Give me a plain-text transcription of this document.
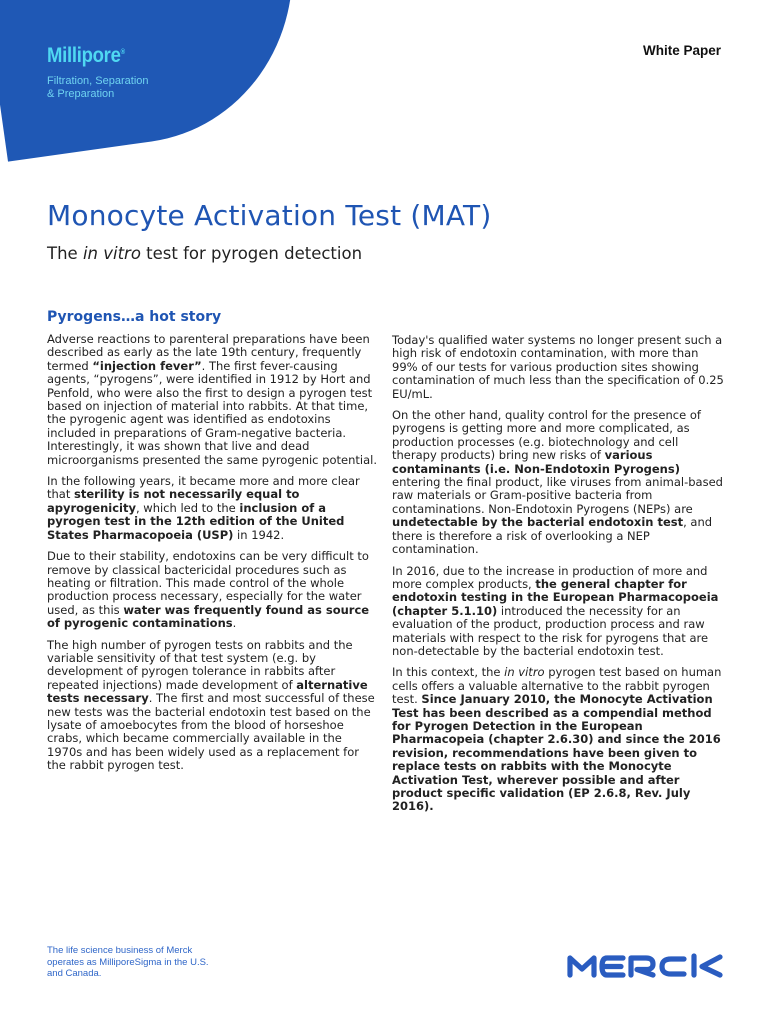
Millipore®
Filtration, Separation
& Preparation
White Paper
Monocyte Activation Test (MAT)
The in vitro test for pyrogen detection
Pyrogens…a hot story

Adverse reactions to parenteral preparations have been described as early as the late 19th century, frequently termed “injection fever”. The first fever-causing agents, “pyrogens”, were identified in 1912 by Hort and Penfold, who were also the first to design a pyrogen test based on injection of material into rabbits. At that time, the pyrogenic agent was identified as endotoxins included in preparations of Gram-negative bacteria. Interestingly, it was shown that live and dead microorganisms presented the same pyrogenic potential.

In the following years, it became more and more clear that sterility is not necessarily equal to apyrogenicity, which led to the inclusion of a pyrogen test in the 12th edition of the United States Pharmacopoeia (USP) in 1942.

Due to their stability, endotoxins can be very difficult to remove by classical bactericidal procedures such as heating or filtration. This made control of the whole production process necessary, especially for the water used, as this water was frequently found as source of pyrogenic contaminations.

The high number of pyrogen tests on rabbits and the variable sensitivity of that test system (e.g. by development of pyrogen tolerance in rabbits after repeated injections) made development of alternative tests necessary. The first and most successful of these new tests was the bacterial endotoxin test based on the lysate of amoebocytes from the blood of horseshoe crabs, which became commercially available in the 1970s and has been widely used as a replacement for the rabbit pyrogen test.

Today's qualified water systems no longer present such a high risk of endotoxin contamination, with more than 99% of our tests for various production sites showing contamination of much less than the specification of 0.25 EU/mL.

On the other hand, quality control for the presence of pyrogens is getting more and more complicated, as production processes (e.g. biotechnology and cell therapy products) bring new risks of various contaminants (i.e. Non-Endotoxin Pyrogens) entering the final product, like viruses from animal-based raw materials or Gram-positive bacteria from contaminations. Non-Endotoxin Pyrogens (NEPs) are undetectable by the bacterial endotoxin test, and there is therefore a risk of overlooking a NEP contamination.

In 2016, due to the increase in production of more and more complex products, the general chapter for endotoxin testing in the European Pharmacopoeia (chapter 5.1.10) introduced the necessity for an evaluation of the product, production process and raw materials with respect to the risk for pyrogens that are non-detectable by the bacterial endotoxin test.

In this context, the in vitro pyrogen test based on human cells offers a valuable alternative to the rabbit pyrogen test. Since January 2010, the Monocyte Activation Test has been described as a compendial method for Pyrogen Detection in the European Pharmacopeia (chapter 2.6.30) and since the 2016 revision, recommendations have been given to replace tests on rabbits with the Monocyte Activation Test, wherever possible and after product specific validation (EP 2.6.8, Rev. July 2016).

The life science business of Merck operates as MilliporeSigma in the U.S. and Canada.
